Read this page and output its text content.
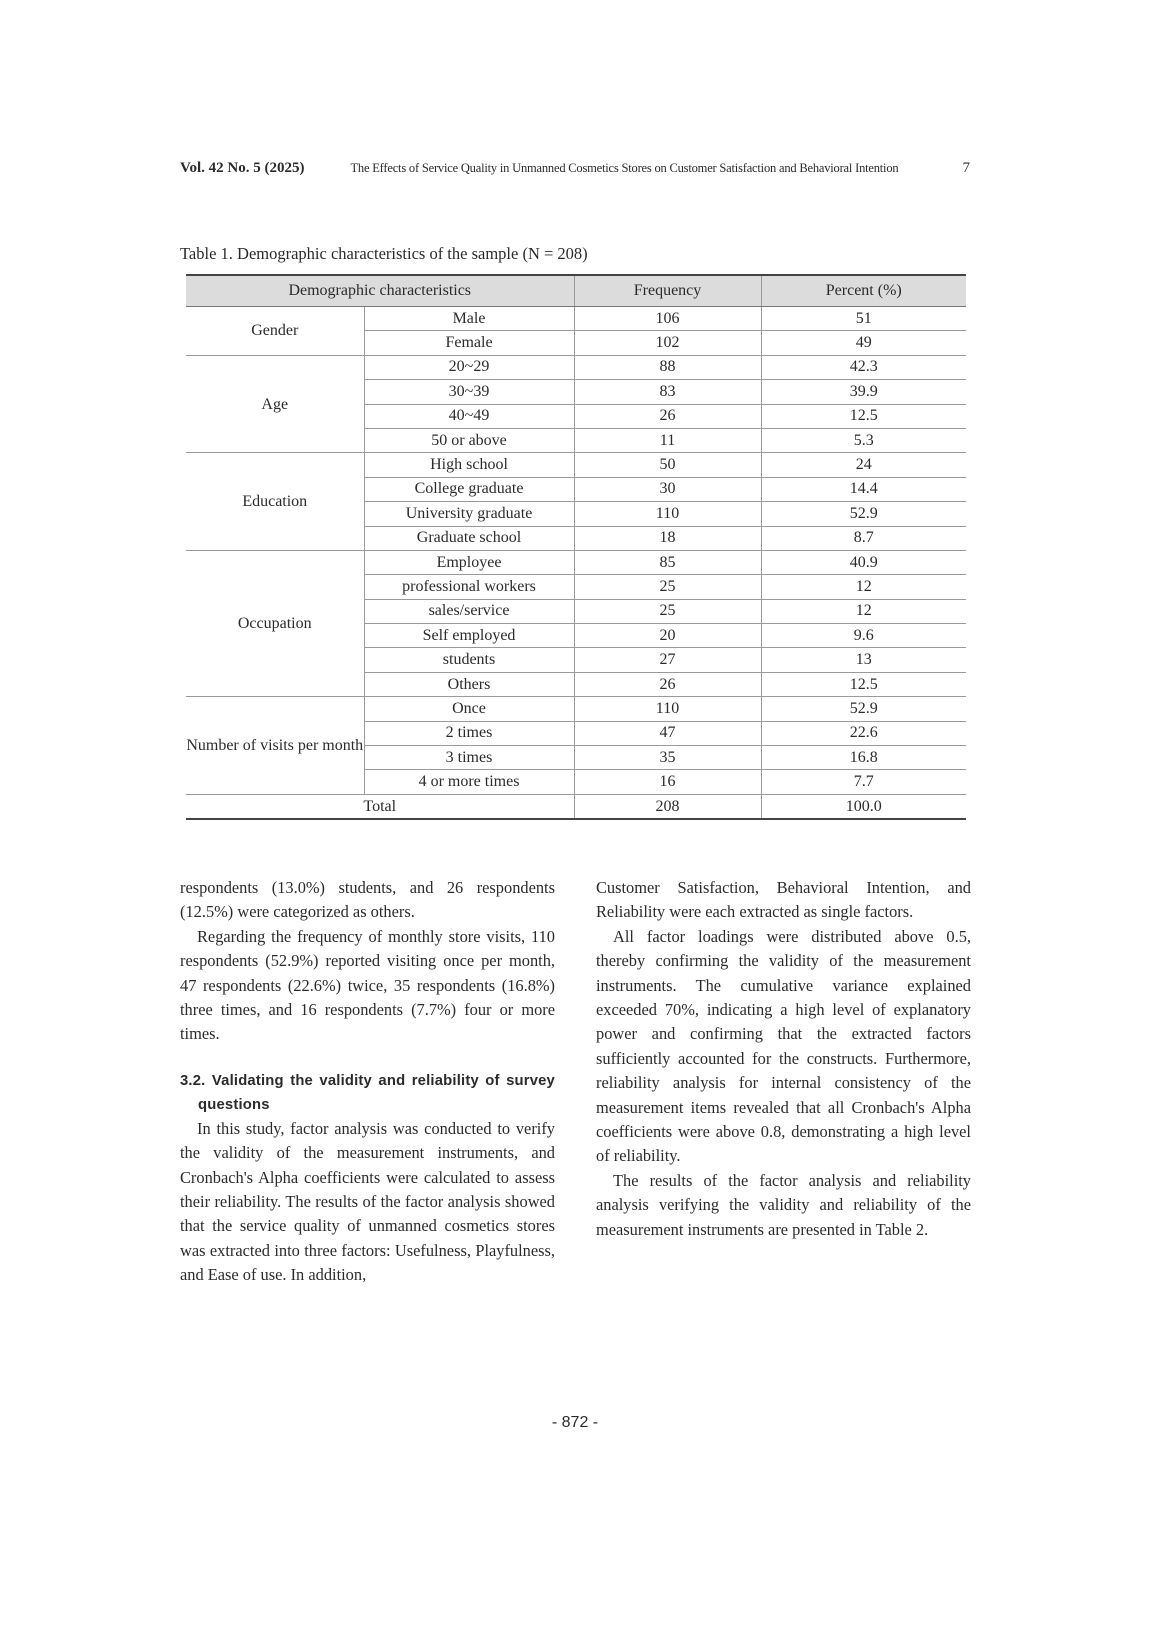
Vol. 42 No. 5 (2025)	The Effects of Service Quality in Unmanned Cosmetics Stores on Customer Satisfaction and Behavioral Intention	7
Table 1. Demographic characteristics of the sample (N = 208)
Demographic characteristics		Frequency	Percent (%)
Gender	Male	106	51
	Female	102	49
Age	20~29	88	42.3
	30~39	83	39.9
	40~49	26	12.5
	50 or above	11	5.3
Education	High school	50	24
	College graduate	30	14.4
	University graduate	110	52.9
	Graduate school	18	8.7
Occupation	Employee	85	40.9
	professional workers	25	12
	sales/service	25	12
	Self employed	20	9.6
	students	27	13
	Others	26	12.5
Number of visits per month	Once	110	52.9
	2 times	47	22.6
	3 times	35	16.8
	4 or more times	16	7.7
Total		208	100.0

respondents (13.0%) students, and 26 respondents (12.5%) were categorized as others.

Regarding the frequency of monthly store visits, 110 respondents (52.9%) reported visiting once per month, 47 respondents (22.6%) twice, 35 respondents (16.8%) three times, and 16 respondents (7.7%) four or more times.

3.2. Validating the validity and reliability of survey questions

In this study, factor analysis was conducted to verify the validity of the measurement instruments, and Cronbach's Alpha coefficients were calculated to assess their reliability. The results of the factor analysis showed that the service quality of unmanned cosmetics stores was extracted into three factors: Usefulness, Playfulness, and Ease of use. In addition,

Customer Satisfaction, Behavioral Intention, and Reliability were each extracted as single factors.

All factor loadings were distributed above 0.5, thereby confirming the validity of the measurement instruments. The cumulative variance explained exceeded 70%, indicating a high level of explanatory power and confirming that the extracted factors sufficiently accounted for the constructs. Furthermore, reliability analysis for internal consistency of the measurement items revealed that all Cronbach's Alpha coefficients were above 0.8, demonstrating a high level of reliability.

The results of the factor analysis and reliability analysis verifying the validity and reliability of the measurement instruments are presented in Table 2.

- 872 -
